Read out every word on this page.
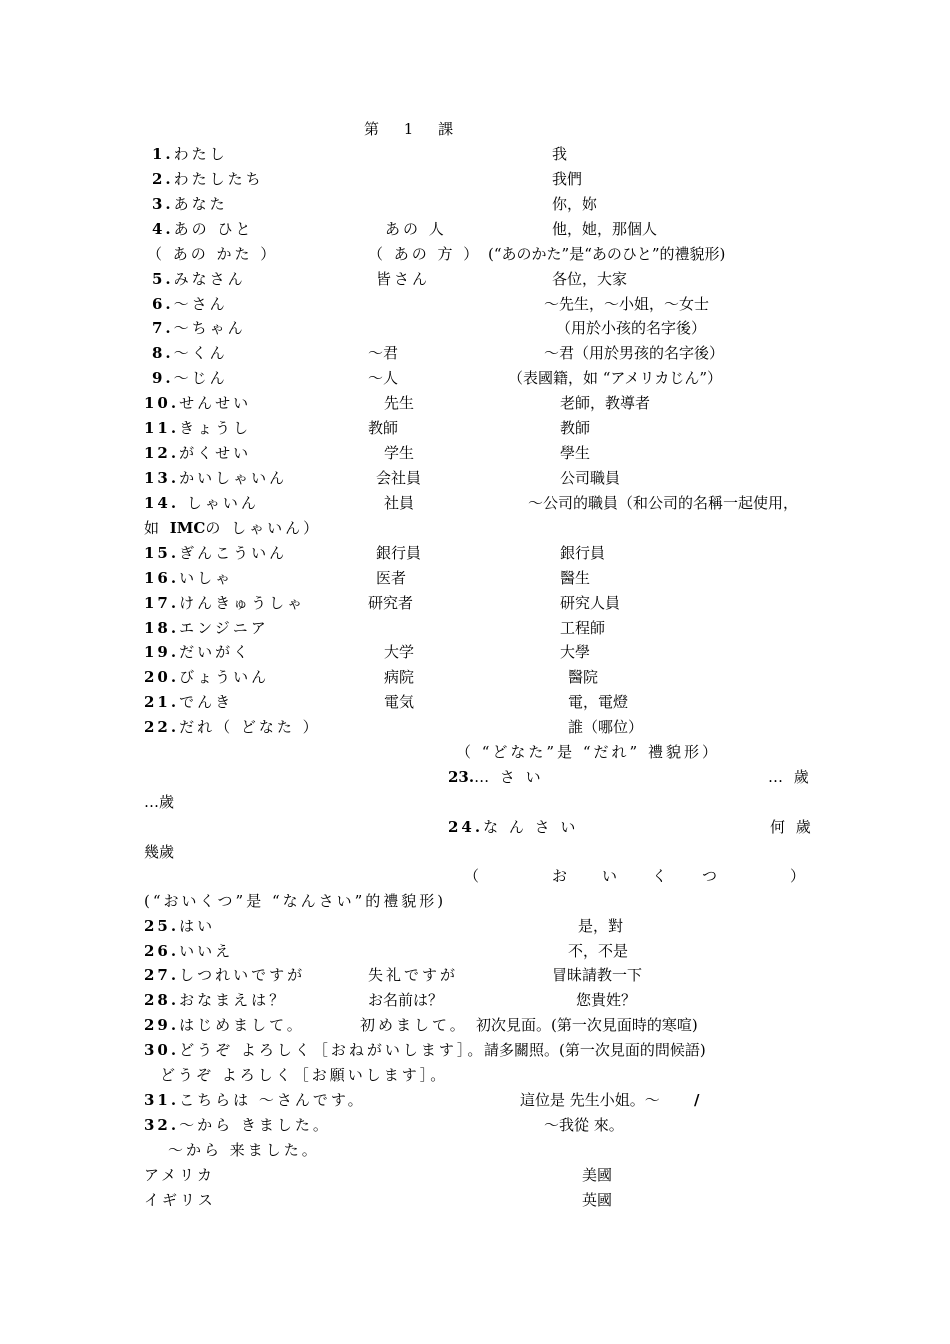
第 1 課
1.わたし	我
2.わたしたち	我們
3.あなた	你，妳
4.あの ひと	あの 人	他，她，那個人
（ あの かた ）	（ あの 方 ） (“あのかた”是“あのひと”的禮貌形)
5.みなさん	皆さん	各位，大家
6.～さん	～先生，～小姐，～女士
7.～ちゃん	（用於小孩的名字後）
8.～くん	～君	～君（用於男孩的名字後）
9.～じん	～人	（表國籍，如 “アメリカじん”）
10.せんせい	先生	老師，教導者
11.きょうし	教師	教師
12.がくせい	学生	學生
13.かいしゃいん	会社員	公司職員
14. しゃいん	社員	～公司的職員（和公司的名稱一起使用，
如 IMCの しゃいん）
15.ぎんこういん	銀行員	銀行員
16.いしゃ	医者	醫生
17.けんきゅうしゃ	研究者	研究人員
18.エンジニア	工程師
19.だいがく	大学	大學
20.びょういん	病院	醫院
21.でんき	電気	電，電燈
22.だれ（ どなた ）	誰（哪位）
（ “どなた”是 “だれ” 禮貌形）
23.… さ い	… 歲
…歲
24.な ん さ い	何 歲
幾歲
（	お い く つ	）
(“おいくつ”是 “なんさい”的禮貌形)
25.はい	是，對
26.いいえ	不，不是
27.しつれいですが	失礼ですが	冒昧請教一下
28.おなまえは？	お名前は？	您貴姓？
29.はじめまして。	初めまして。 初次見面。(第一次見面時的寒喧)
30.どうぞ よろしく［おねがいします］。
請多關照。(第一次見面的問候語)
どうぞ よろしく［お願いします］。
31.こちらは ～さんです。	這位是 先生小姐。～ /
32.～から きました。	～我從 來。
～から 来ました。
アメリカ	美國
イギリス	英國
